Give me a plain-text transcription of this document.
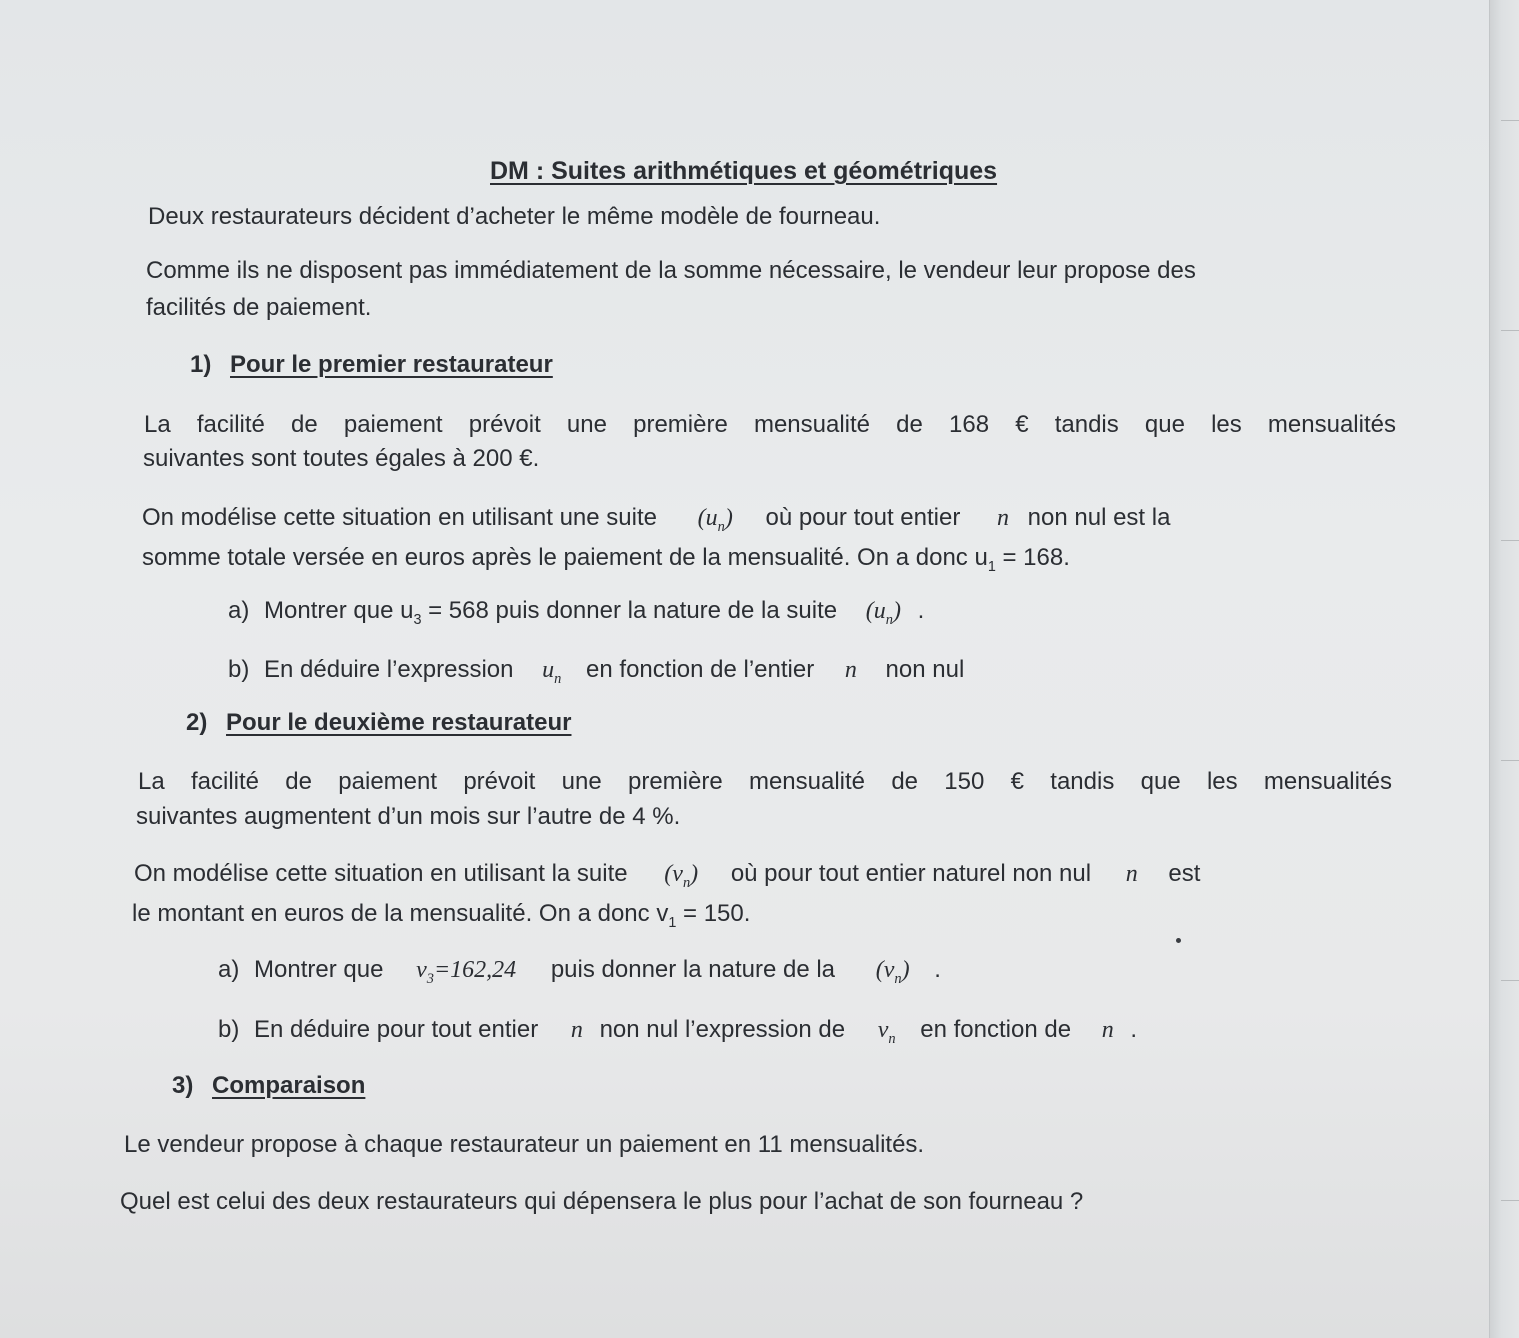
DM : Suites arithmétiques et géométriques
Deux restaurateurs décident d’acheter le même modèle de fourneau.
Comme ils ne disposent pas immédiatement de la somme nécessaire, le vendeur leur propose des
facilités de paiement.
1) Pour le premier restaurateur
La facilité de paiement prévoit une première mensualité de 168 € tandis que les mensualités
suivantes sont toutes égales à 200 €.
On modélise cette situation en utilisant une suite $(u_n)$ où pour tout entier n non nul est la
somme totale versée en euros après le paiement de la mensualité. On a donc $u_1 = 168$.
a) Montrer que $u_3 = 568$ puis donner la nature de la suite $(u_n)$ .
b) En déduire l’expression $u_n$ en fonction de l’entier n non nul
2) Pour le deuxième restaurateur
La facilité de paiement prévoit une première mensualité de 150 € tandis que les mensualités
suivantes augmentent d’un mois sur l’autre de 4 %.
On modélise cette situation en utilisant la suite $(v_n)$ où pour tout entier naturel non nul n est
le montant en euros de la mensualité. On a donc $v_1 = 150$.
a) Montrer que $v_3=162,24$ puis donner la nature de la $(v_n)$ .
b) En déduire pour tout entier n non nul l’expression de $v_n$ en fonction de n .
3) Comparaison
Le vendeur propose à chaque restaurateur un paiement en 11 mensualités.
Quel est celui des deux restaurateurs qui dépensera le plus pour l’achat de son fourneau ?
